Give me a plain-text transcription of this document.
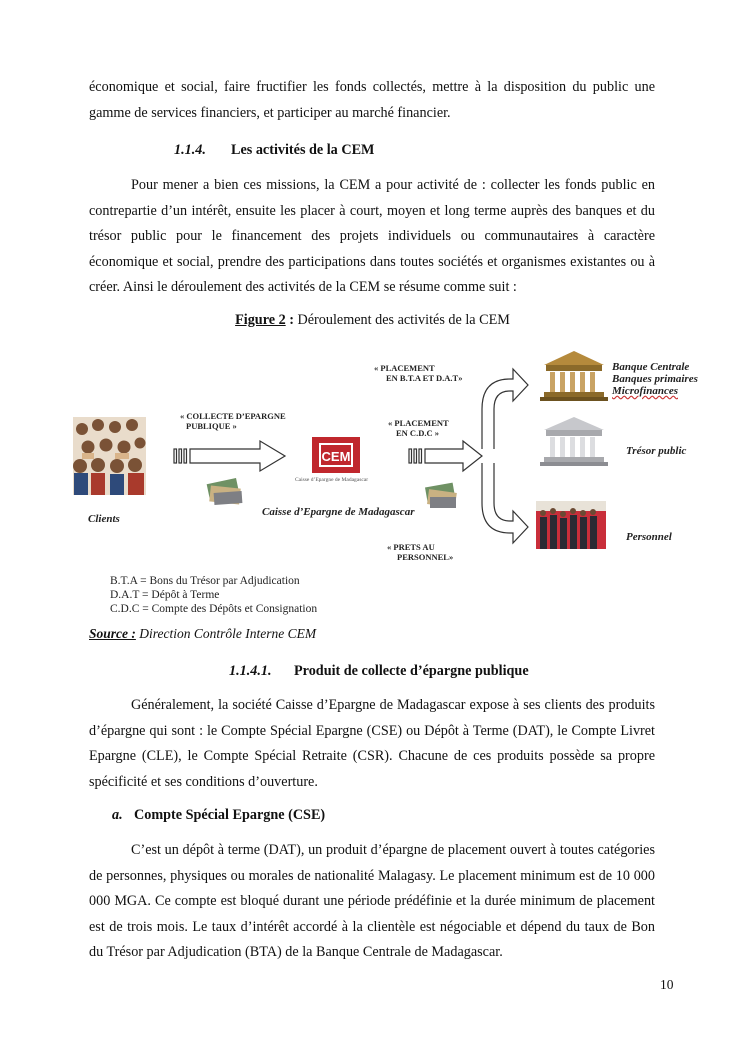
économique et social, faire fructifier les fonds collectés, mettre à la disposition du public une gamme de services financiers, et participer au marché financier.

1.1.4. Les activités de la CEM

Pour mener a bien ces missions, la CEM a pour activité de : collecter les fonds public en contrepartie d’un intérêt, ensuite les placer à court, moyen et long terme auprès des banques et du trésor public pour le financement des projets individuels ou communautaires à caractère économique et social, prendre des participations dans toutes sociétés et organismes existantes ou à créer. Ainsi le déroulement des activités de la CEM se résume comme suit :

Figure 2 : Déroulement des activités de la CEM
CEM
« COLLECTE D’EPARGNE
PUBLIQUE »
« PLACEMENT
EN B.T.A ET D.A.T»
« PLACEMENT
EN C.D.C »
« PRETS AU
PERSONNEL»
Caisse d’Epargne de Madagascar
Caisse d’Epargne de Madagascar
Clients
Banque Centrale
Banques primaires
Microfinances
Trésor public
Personnel
B.T.A = Bons du Trésor par Adjudication
D.A.T = Dépôt à Terme
C.D.C = Compte des Dépôts et Consignation
Source : Direction Contrôle Interne CEM

1.1.4.1. Produit de collecte d’épargne publique

Généralement, la société Caisse d’Epargne de Madagascar expose à ses clients des produits d’épargne qui sont : le Compte Spécial Epargne (CSE) ou Dépôt à Terme (DAT), le Compte Livret Epargne (CLE), le Compte Spécial Retraite (CSR). Chacune de ces produits possède sa propre spécificité et ses conditions d’ouverture.

a. Compte Spécial Epargne (CSE)

C’est un dépôt à terme (DAT), un produit d’épargne de placement ouvert à toutes catégories de personnes, physiques ou morales de nationalité Malagasy. Le placement minimum est de 10 000 000 MGA. Ce compte est bloqué durant une période prédéfinie et la durée minimum de placement est de trois mois. Le taux d’intérêt accordé à la clientèle est négociable et dépend du taux de Bon du Trésor par Adjudication (BTA) de la Banque Centrale de Madagascar.

10
